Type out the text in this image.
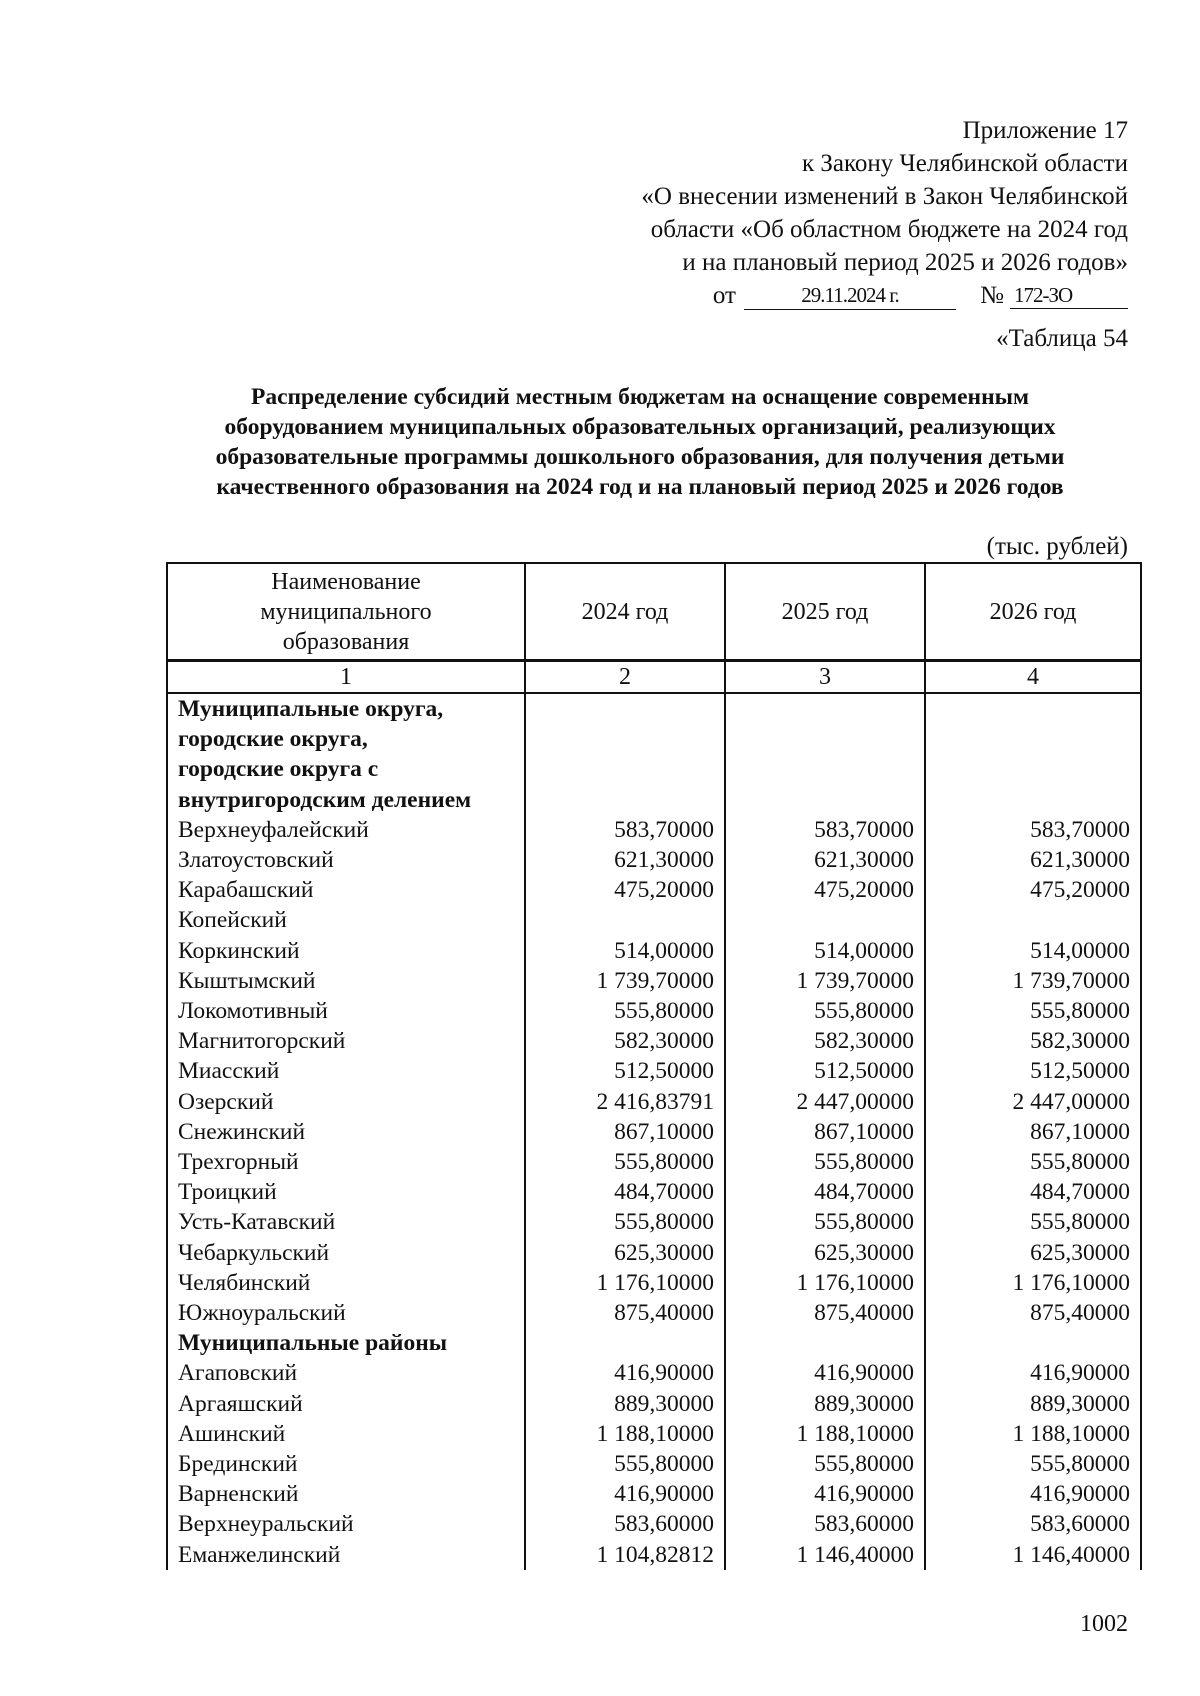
Приложение 17
к Закону Челябинской области
«О внесении изменений в Закон Челябинской
области «Об областном бюджете на 2024 год
и на плановый период 2025 и 2026 годов»
от	29.11.2024 г.	№ 172-ЗО
«Таблица 54
Распределение субсидий местным бюджетам на оснащение современным
оборудованием муниципальных образовательных организаций, реализующих
образовательные программы дошкольного образования, для получения детьми
качественного образования на 2024 год и на плановый период 2025 и 2026 годов
(тыс. рублей)
Наименование
муниципального
образования	2024 год	2025 год	2026 год
1	2	3	4

Муниципальные округа,
городские округа,
городские округа с
внутригородским делением			

Верхнеуфалейский	583,70000	583,70000	583,70000
Златоустовский	621,30000	621,30000	621,30000
Карабашский	475,20000	475,20000	475,20000
Копейский			
Коркинский	514,00000	514,00000	514,00000
Кыштымский	1 739,70000	1 739,70000	1 739,70000
Локомотивный	555,80000	555,80000	555,80000
Магнитогорский	582,30000	582,30000	582,30000
Миасский	512,50000	512,50000	512,50000
Озерский	2 416,83791	2 447,00000	2 447,00000
Снежинский	867,10000	867,10000	867,10000
Трехгорный	555,80000	555,80000	555,80000
Троицкий	484,70000	484,70000	484,70000
Усть-Катавский	555,80000	555,80000	555,80000
Чебаркульский	625,30000	625,30000	625,30000
Челябинский	1 176,10000	1 176,10000	1 176,10000
Южноуральский	875,40000	875,40000	875,40000
Муниципальные районы			
Агаповский	416,90000	416,90000	416,90000
Аргаяшский	889,30000	889,30000	889,30000
Ашинский	1 188,10000	1 188,10000	1 188,10000
Брединский	555,80000	555,80000	555,80000
Варненский	416,90000	416,90000	416,90000
Верхнеуральский	583,60000	583,60000	583,60000
Еманжелинский	1 104,82812	1 146,40000	1 146,40000
1002
